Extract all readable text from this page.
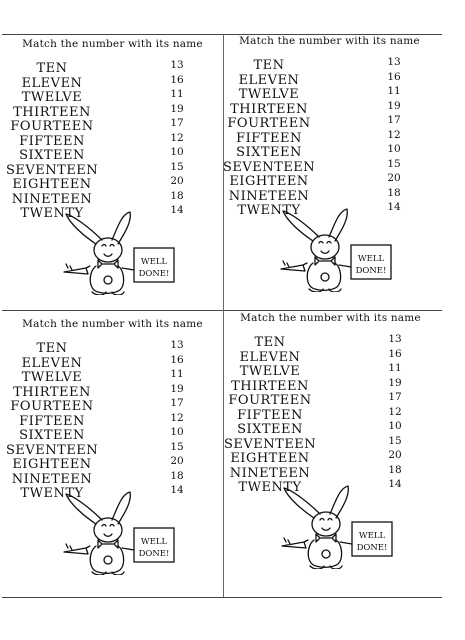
Match the number with its name
TEN
ELEVEN
TWELVE
THIRTEEN
FOURTEEN
FIFTEEN
SIXTEEN
SEVENTEEN
EIGHTEEN
NINETEEN
TWENTY
13
16
11
19
17
12
10
15
20
18
14
WELL
DONE!
Match the number with its name
TEN
ELEVEN
TWELVE
THIRTEEN
FOURTEEN
FIFTEEN
SIXTEEN
SEVENTEEN
EIGHTEEN
NINETEEN
TWENTY
13
16
11
19
17
12
10
15
20
18
14
WELL
DONE!
Match the number with its name
TEN
ELEVEN
TWELVE
THIRTEEN
FOURTEEN
FIFTEEN
SIXTEEN
SEVENTEEN
EIGHTEEN
NINETEEN
TWENTY
13
16
11
19
17
12
10
15
20
18
14
WELL
DONE!
Match the number with its name
TEN
ELEVEN
TWELVE
THIRTEEN
FOURTEEN
FIFTEEN
SIXTEEN
SEVENTEEN
EIGHTEEN
NINETEEN
TWENTY
13
16
11
19
17
12
10
15
20
18
14
WELL
DONE!
